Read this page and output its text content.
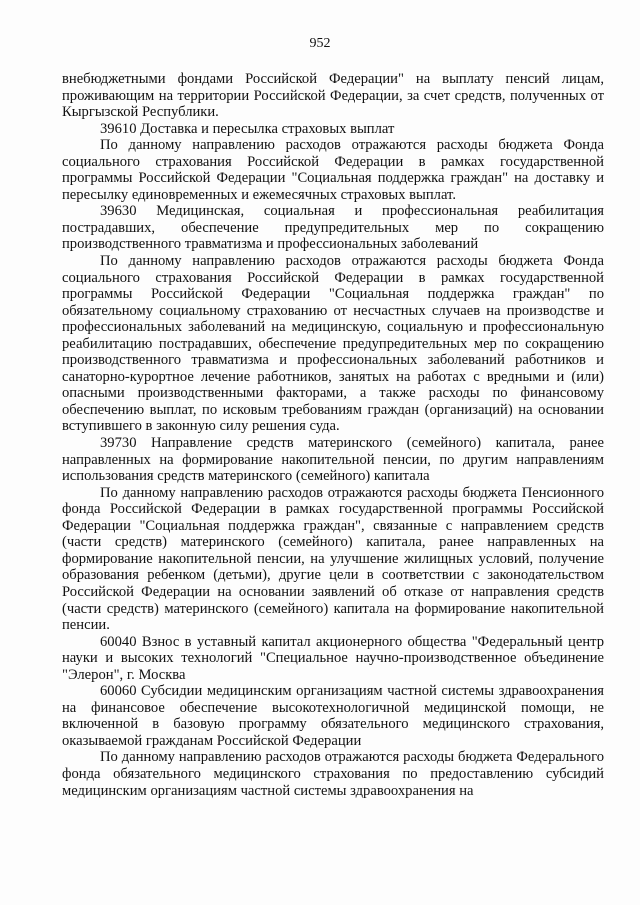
952

внебюджетными фондами Российской Федерации" на выплату пенсий лицам, проживающим на территории Российской Федерации, за счет средств, полученных от Кыргызской Республики.

39610 Доставка и пересылка страховых выплат

По данному направлению расходов отражаются расходы бюджета Фонда социального страхования Российской Федерации в рамках государственной программы Российской Федерации "Социальная поддержка граждан" на доставку и пересылку единовременных и ежемесячных страховых выплат.

39630 Медицинская, социальная и профессиональная реабилитация пострадавших, обеспечение предупредительных мер по сокращению производственного травматизма и профессиональных заболеваний

По данному направлению расходов отражаются расходы бюджета Фонда социального страхования Российской Федерации в рамках государственной программы Российской Федерации "Социальная поддержка граждан" по обязательному социальному страхованию от несчастных случаев на производстве и профессиональных заболеваний на медицинскую, социальную и профессиональную реабилитацию пострадавших, обеспечение предупредительных мер по сокращению производственного травматизма и профессиональных заболеваний работников и санаторно-курортное лечение работников, занятых на работах с вредными и (или) опасными производственными факторами, а также расходы по финансовому обеспечению выплат, по исковым требованиям граждан (организаций) на основании вступившего в законную силу решения суда.

39730 Направление средств материнского (семейного) капитала, ранее направленных на формирование накопительной пенсии, по другим направлениям использования средств материнского (семейного) капитала

По данному направлению расходов отражаются расходы бюджета Пенсионного фонда Российской Федерации в рамках государственной программы Российской Федерации "Социальная поддержка граждан", связанные с направлением средств (части средств) материнского (семейного) капитала, ранее направленных на формирование накопительной пенсии, на улучшение жилищных условий, получение образования ребенком (детьми), другие цели в соответствии с законодательством Российской Федерации на основании заявлений об отказе от направления средств (части средств) материнского (семейного) капитала на формирование накопительной пенсии.

60040 Взнос в уставный капитал акционерного общества "Федеральный центр науки и высоких технологий "Специальное научно-производственное объединение "Элерон", г. Москва

60060 Субсидии медицинским организациям частной системы здравоохранения на финансовое обеспечение высокотехнологичной медицинской помощи, не включенной в базовую программу обязательного медицинского страхования, оказываемой гражданам Российской Федерации

По данному направлению расходов отражаются расходы бюджета Федерального фонда обязательного медицинского страхования по предоставлению субсидий медицинским организациям частной системы здравоохранения на
